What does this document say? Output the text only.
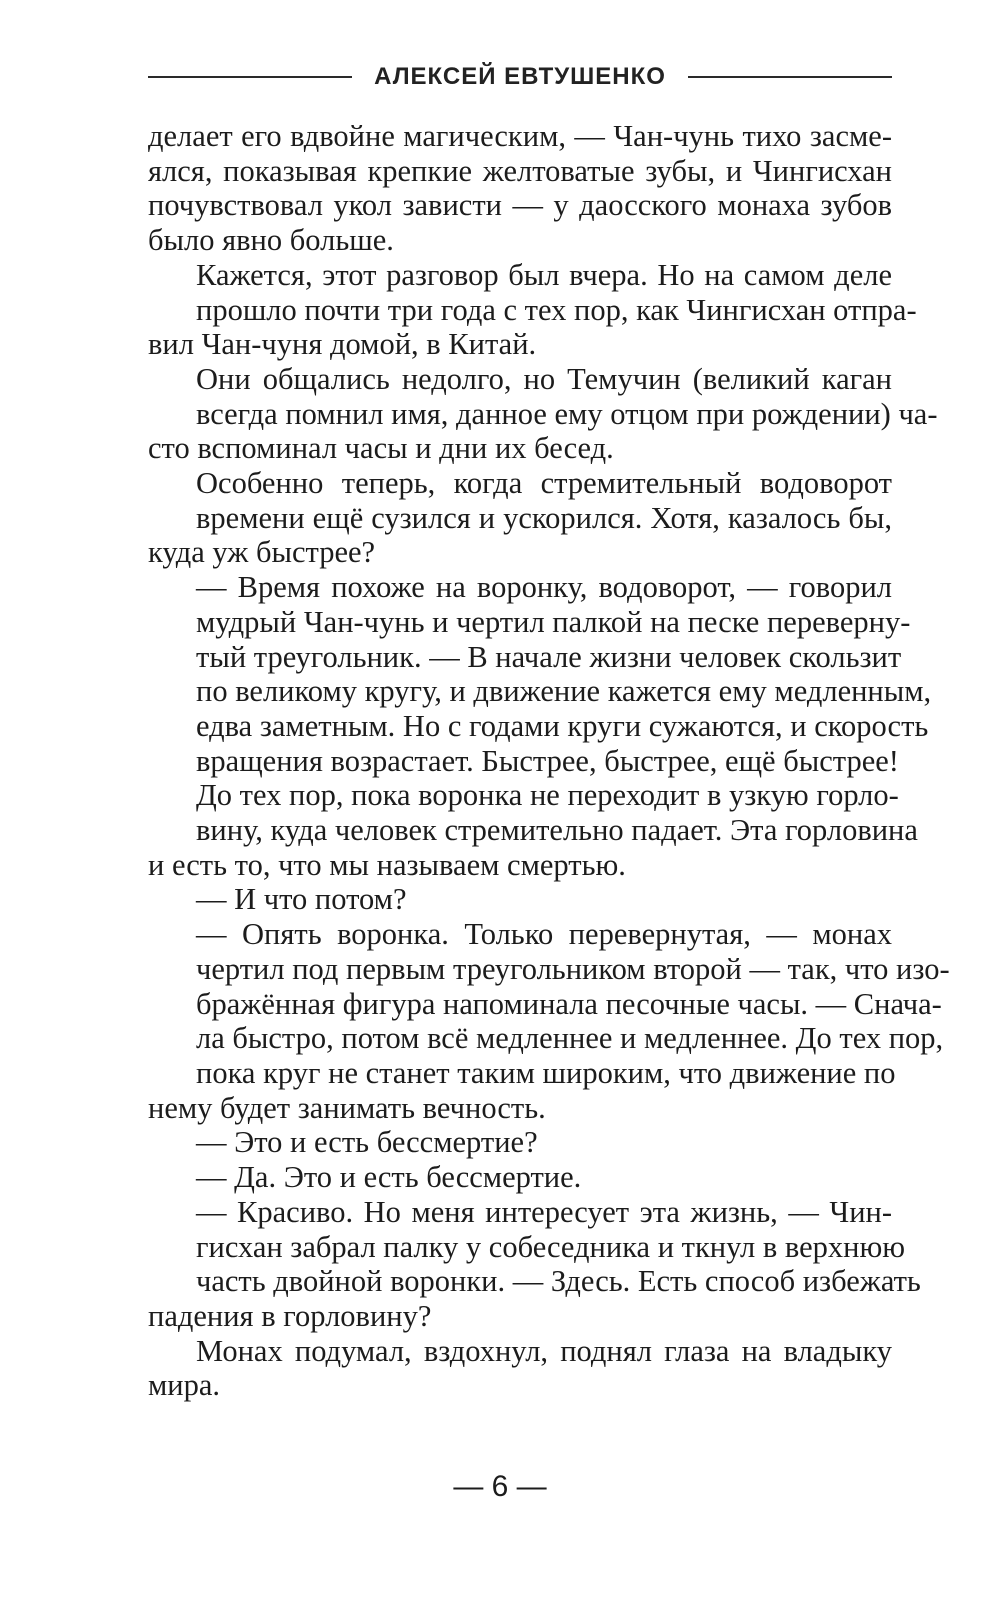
АЛЕКСЕЙ ЕВТУШЕНКО
делает его вдвойне магическим, — Чан-чунь тихо засме-
ялся, показывая крепкие желтоватые зубы, и Чингисхан
почувствовал укол зависти — у даосского монаха зубов
было явно больше.
Кажется, этот разговор был вчера. Но на самом деле
прошло почти три года с тех пор, как Чингисхан отпра-
вил Чан-чуня домой, в Китай.
Они общались недолго, но Темучин (великий каган
всегда помнил имя, данное ему отцом при рождении) ча-
сто вспоминал часы и дни их бесед.
Особенно теперь, когда стремительный водоворот
времени ещё сузился и ускорился. Хотя, казалось бы,
куда уж быстрее?
— Время похоже на воронку, водоворот, — говорил
мудрый Чан-чунь и чертил палкой на песке переверну-
тый треугольник. — В начале жизни человек скользит
по великому кругу, и движение кажется ему медленным,
едва заметным. Но с годами круги сужаются, и скорость
вращения возрастает. Быстрее, быстрее, ещё быстрее!
До тех пор, пока воронка не переходит в узкую горло-
вину, куда человек стремительно падает. Эта горловина
и есть то, что мы называем смертью.
— И что потом?
— Опять воронка. Только перевернутая, — монах
чертил под первым треугольником второй — так, что изо-
бражённая фигура напоминала песочные часы. — Снача-
ла быстро, потом всё медленнее и медленнее. До тех пор,
пока круг не станет таким широким, что движение по
нему будет занимать вечность.
— Это и есть бессмертие?
— Да. Это и есть бессмертие.
— Красиво. Но меня интересует эта жизнь, — Чин-
гисхан забрал палку у собеседника и ткнул в верхнюю
часть двойной воронки. — Здесь. Есть способ избежать
падения в горловину?
Монах подумал, вздохнул, поднял глаза на владыку
мира.
— 6 —
